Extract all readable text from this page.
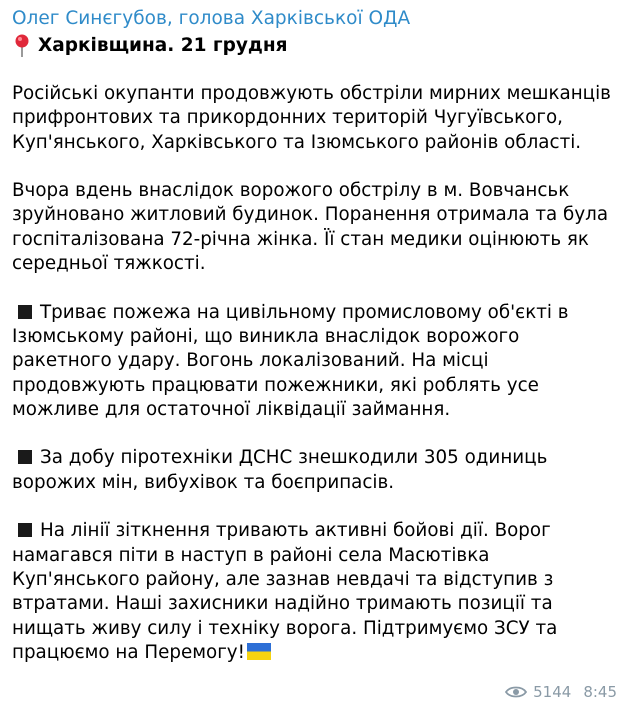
Олег Синєгубов, голова Харківської ОДА
Харківщина. 21 грудня

Російські окупанти продовжують обстріли мирних мешканців прифронтових та прикордонних територій Чугуївського, Куп'янського, Харківського та Ізюмського районів області.

Вчора вдень внаслідок ворожого обстрілу в м. Вовчанськ зруйновано житловий будинок. Поранення отримала та була госпіталізована 72-річна жінка. Її стан медики оцінюють як середньої тяжкості.

Триває пожежа на цивільному промисловому об'єкті в Ізюмському районі, що виникла внаслідок ворожого ракетного удару. Вогонь локалізований. На місці продовжують працювати пожежники, які роблять усе можливе для остаточної ліквідації займання.

За добу піротехніки ДСНС знешкодили 305 одиниць ворожих мін, вибухівок та боєприпасів.

На лінії зіткнення тривають активні бойові дії. Ворог намагався піти в наступ в районі села Масютівка Куп'янського району, але зазнав невдачі та відступив з втратами. Наші захисники надійно тримають позиції та нищать живу силу і техніку ворога. Підтримуємо ЗСУ та працюємо на Перемогу!

5144 8:45
